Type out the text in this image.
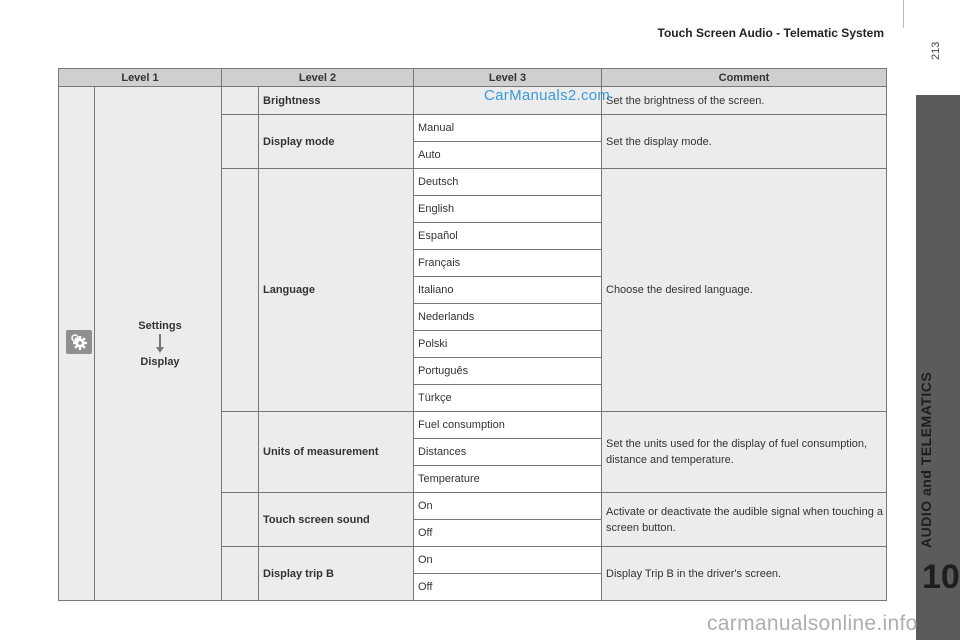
Touch Screen Audio - Telematic System
213
AUDIO and TELEMATICS
10
Level 1		Level 2		Level 3	Comment

Settings
Display		Brightness		Set the brightness of the screen.
			Display mode	Manual	Set the display mode.
				Auto	
			Language	Deutsch	Choose the desired language.
				English	
				Español	
				Français	
				Italiano	
				Nederlands	
				Polski	
				Português	
				Türkçe	
			Units of measurement	Fuel consumption	Set the units used for the display of fuel consumption, distance and temperature.
				Distances	
				Temperature	
			Touch screen sound	On	Activate or deactivate the audible signal when touching a screen button.
				Off	
			Display trip B	On	Display Trip B in the driver's screen.
				Off	
CarManuals2.com
carmanualsonline.info
